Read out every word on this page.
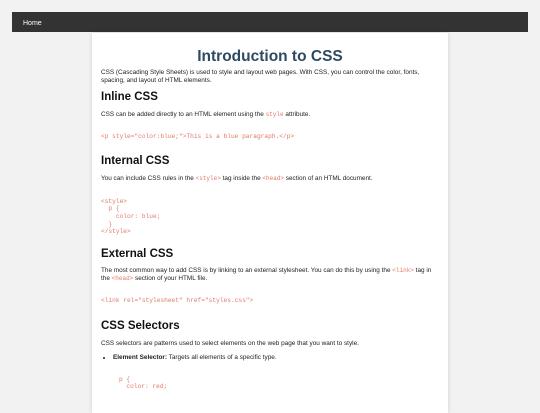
Home
Introduction to CSS

CSS (Cascading Style Sheets) is used to style and layout web pages. With CSS, you can control the color, fonts, spacing, and layout of HTML elements.

Inline CSS

CSS can be added directly to an HTML element using the style attribute.

<p style="color:blue;">This is a blue paragraph.</p>
Internal CSS

You can include CSS rules in the <style> tag inside the <head> section of an HTML document.

<style>
p {
color: blue;
}
</style>
External CSS

The most common way to add CSS is by linking to an external stylesheet. You can do this by using the <link> tag in the <head> section of your HTML file.

<link rel="stylesheet" href="styles.css">
CSS Selectors

CSS selectors are patterns used to select elements on the web page that you want to style.

• Element Selector: Targets all elements of a specific type.
p {
color: red;
